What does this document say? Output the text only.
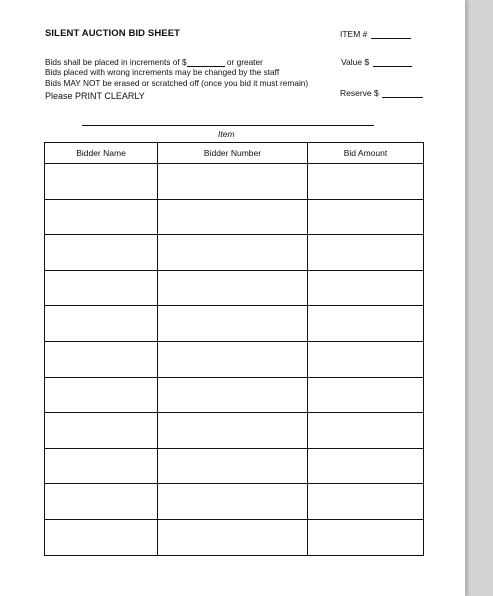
SILENT AUCTION BID SHEET	ITEM #
Value $
Reserve $
Bids shall be placed in increments of $	or greater
Bids placed with wrong increments may be changed by the staff
Bids MAY NOT be erased or scratched off (once you bid it must remain)
Please PRINT CLEARLY
Item
Bidder Name	Bidder Number	Bid Amount
